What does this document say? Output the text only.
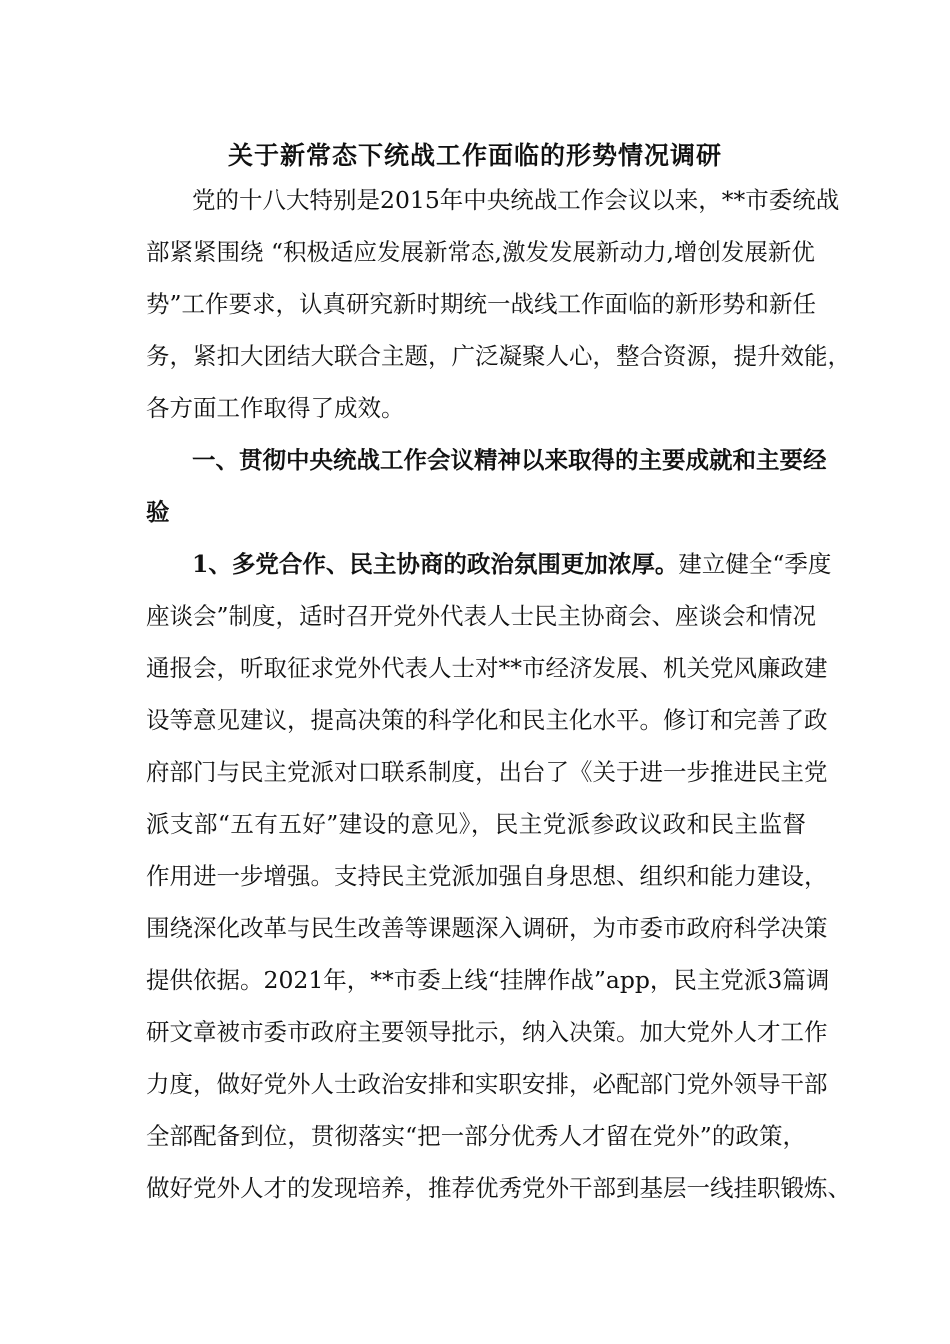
关于新常态下统战工作面临的形势情况调研
党的十八大特别是2015年中央统战工作会议以来，**市委统战
部紧紧围绕 “积极适应发展新常态,激发发展新动力,增创发展新优
势”工作要求，认真研究新时期统一战线工作面临的新形势和新任
务，紧扣大团结大联合主题，广泛凝聚人心，整合资源，提升效能，
各方面工作取得了成效。
一、贯彻中央统战工作会议精神以来取得的主要成就和主要经
验
1、多党合作、民主协商的政治氛围更加浓厚。建立健全“季度
座谈会”制度，适时召开党外代表人士民主协商会、座谈会和情况
通报会，听取征求党外代表人士对**市经济发展、机关党风廉政建
设等意见建议，提高决策的科学化和民主化水平。修订和完善了政
府部门与民主党派对口联系制度，出台了《关于进一步推进民主党
派支部“五有五好”建设的意见》，民主党派参政议政和民主监督
作用进一步增强。支持民主党派加强自身思想、组织和能力建设，
围绕深化改革与民生改善等课题深入调研，为市委市政府科学决策
提供依据。2021年，**市委上线“挂牌作战”app，民主党派3篇调
研文章被市委市政府主要领导批示，纳入决策。加大党外人才工作
力度，做好党外人士政治安排和实职安排，必配部门党外领导干部
全部配备到位，贯彻落实“把一部分优秀人才留在党外”的政策，
做好党外人才的发现培养，推荐优秀党外干部到基层一线挂职锻炼、
